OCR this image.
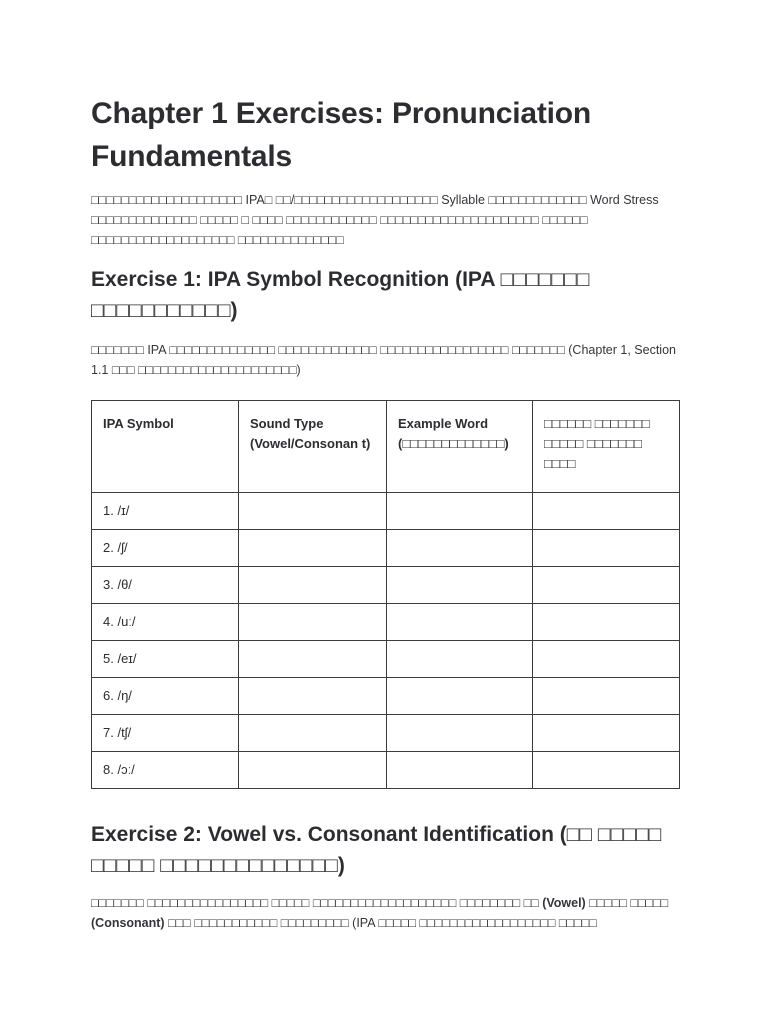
Chapter 1 Exercises: Pronunciation Fundamentals

□□□□□□□□□□□□□□□□□□□□ IPA□ □□/□□□□□□□□□□□□□□□□□□□ Syllable □□□□□□□□□□□□□ Word Stress □□□□□□□□□□□□□□ □□□□□ □ □□□□ □□□□□□□□□□□□ □□□□□□□□□□□□□□□□□□□□□ □□□□□□ □□□□□□□□□□□□□□□□□□□ □□□□□□□□□□□□□□

Exercise 1: IPA Symbol Recognition (IPA □□□□□□□ □□□□□□□□□□□)

□□□□□□□ IPA □□□□□□□□□□□□□□ □□□□□□□□□□□□□ □□□□□□□□□□□□□□□□□ □□□□□□□ (Chapter 1, Section 1.1 □□□ □□□□□□□□□□□□□□□□□□□□□)

IPA Symbol	Sound Type (Vowel/Consonan t)	Example Word (□□□□□□□□□□□□□)	□□□□□□ □□□□□□□ □□□□□ □□□□□□□ □□□□
1. /ɪ/			
2. /ʃ/			
3. /θ/			
4. /uː/			
5. /eɪ/			
6. /ŋ/			
7. /tʃ/			
8. /ɔː/			
Exercise 2: Vowel vs. Consonant Identification (□□ □□□□□ □□□□□ □□□□□□□□□□□□□□)

□□□□□□□ □□□□□□□□□□□□□□□□ □□□□□ □□□□□□□□□□□□□□□□□□□ □□□□□□□□ □□ (Vowel) □□□□□ □□□□□ (Consonant) □□□ □□□□□□□□□□□ □□□□□□□□□ (IPA □□□□□ □□□□□□□□□□□□□□□□□□ □□□□□
